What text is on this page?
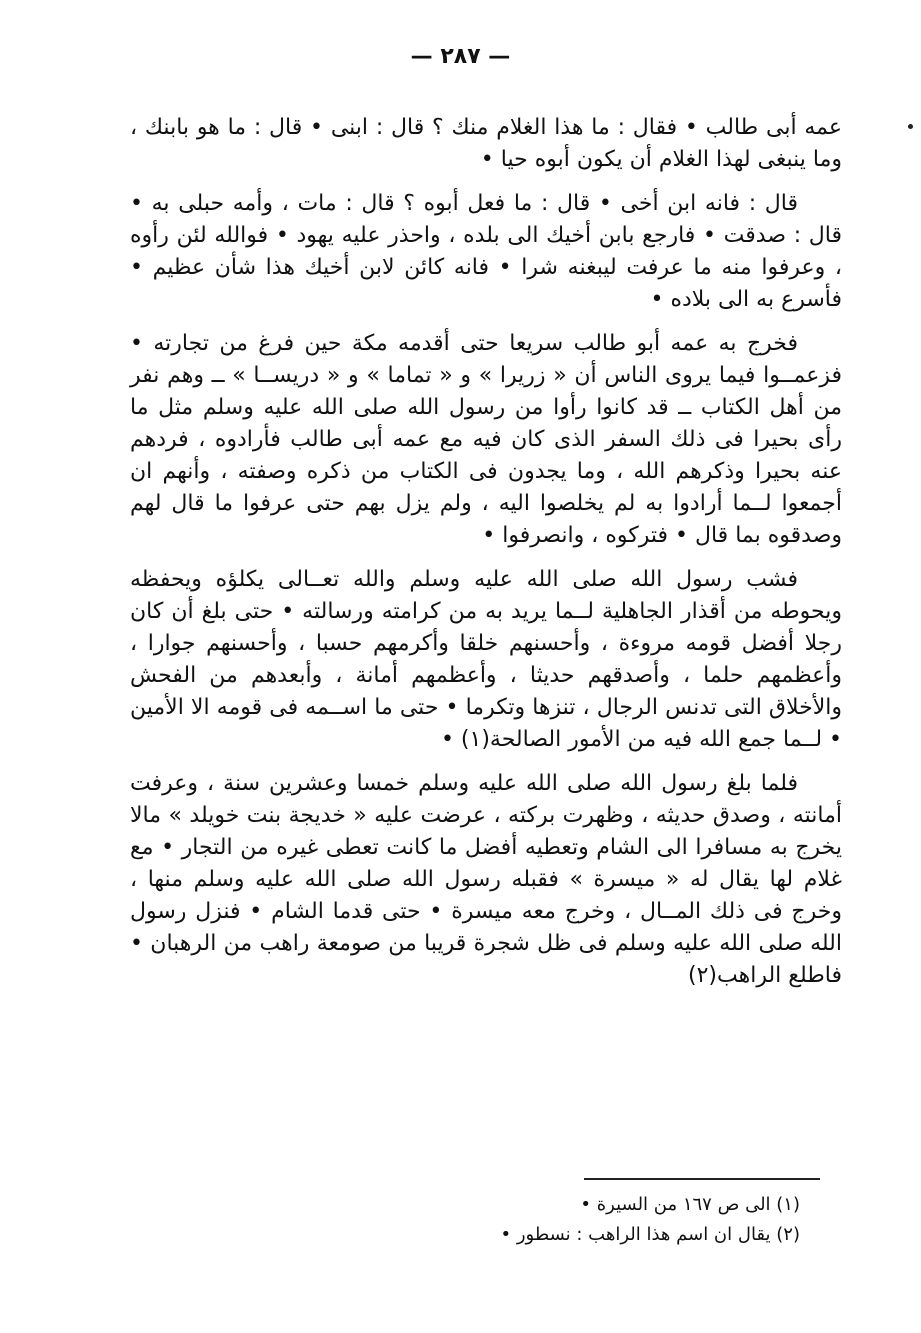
— ٢٨٧ —

عمه أبى طالب • فقال : ما هذا الغلام منك ؟ قال : ابنى • قال : ما هو بابنك ، وما ينبغى لهذا الغلام أن يكون أبوه حيا •

قال : فانه ابن أخى • قال : ما فعل أبوه ؟ قال : مات ، وأمه حبلى به • قال : صدقت • فارجع بابن أخيك الى بلده ، واحذر عليه يهود • فوالله لئن رأوه ، وعرفوا منه ما عرفت ليبغنه شرا • فانه كائن لابن أخيك هذا شأن عظيم • فأسرع به الى بلاده •

فخرج به عمه أبو طالب سريعا حتى أقدمه مكة حين فرغ من تجارته • فزعمــوا فيما يروى الناس أن « زريرا » و « تماما » و « دريســا » ــ وهم نفر من أهل الكتاب ــ قد كانوا رأوا من رسول الله صلى الله عليه وسلم مثل ما رأى بحيرا فى ذلك السفر الذى كان فيه مع عمه أبى طالب فأرادوه ، فردهم عنه بحيرا وذكرهم الله ، وما يجدون فى الكتاب من ذكره وصفته ، وأنهم ان أجمعوا لــما أرادوا به لم يخلصوا اليه ، ولم يزل بهم حتى عرفوا ما قال لهم وصدقوه بما قال • فتركوه ، وانصرفوا •

فشب رسول الله صلى الله عليه وسلم والله تعــالى يكلؤه ويحفظه ويحوطه من أقذار الجاهلية لــما يريد به من كرامته ورسالته • حتى بلغ أن كان رجلا أفضل قومه مروءة ، وأحسنهم خلقا وأكرمهم حسبا ، وأحسنهم جوارا ، وأعظمهم حلما ، وأصدقهم حديثا ، وأعظمهم أمانة ، وأبعدهم من الفحش والأخلاق التى تدنس الرجال ، تنزها وتكرما • حتى ما اســمه فى قومه الا الأمين • لــما جمع الله فيه من الأمور الصالحة(١) •

فلما بلغ رسول الله صلى الله عليه وسلم خمسا وعشرين سنة ، وعرفت أمانته ، وصدق حديثه ، وظهرت بركته ، عرضت عليه « خديجة بنت خويلد » مالا يخرج به مسافرا الى الشام وتعطيه أفضل ما كانت تعطى غيره من التجار • مع غلام لها يقال له « ميسرة » فقبله رسول الله صلى الله عليه وسلم منها ، وخرج فى ذلك المــال ، وخرج معه ميسرة • حتى قدما الشام • فنزل رسول الله صلى الله عليه وسلم فى ظل شجرة قريبا من صومعة راهب من الرهبان • فاطلع الراهب(٢)

(١) الى ص ١٦٧ من السيرة •
(٢) يقال ان اسم هذا الراهب : نسطور •
